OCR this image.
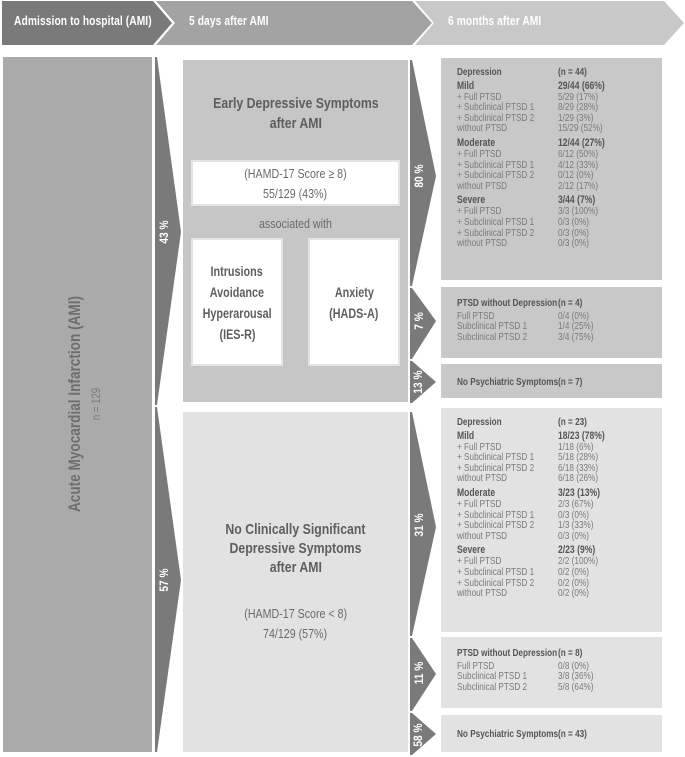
Admission to hospital (AMI)	5 days after AMI	6 months after AMI
Acute Myocardial Infarction (AMI) n = 129
43 %
57 %
Early Depressive Symptoms
after AMI
(HAMD-17 Score ≥ 8)
55/129 (43%)
associated with
Intrusions
Avoidance
Hyperarousal
(IES-R)
Anxiety
(HADS-A)
No Clinically Significant
Depressive Symptoms
after AMI
(HAMD-17 Score < 8)
74/129 (57%)
80 %
7 %
13 %
31 %
11 %
58 %
Depression	(n = 44)
Mild	29/44 (66%)
+ Full PTSD	5/29 (17%)
+ Subclinical PTSD 1	8/29 (28%)
+ Subclinical PTSD 2	1/29 (3%)
without PTSD	15/29 (52%)
Moderate	12/44 (27%)
+ Full PTSD	6/12 (50%)
+ Subclinical PTSD 1	4/12 (33%)
+ Subclinical PTSD 2	0/12 (0%)
without PTSD	2/12 (17%)
Severe	3/44 (7%)
+ Full PTSD	3/3 (100%)
+ Subclinical PTSD 1	0/3 (0%)
+ Subclinical PTSD 2	0/3 (0%)
without PTSD	0/3 (0%)
PTSD without Depression (n = 4)
Full PTSD	0/4 (0%)
Subclinical PTSD 1	1/4 (25%)
Subclinical PTSD 2	3/4 (75%)
No Psychiatric Symptoms (n = 7)
Depression	(n = 23)
Mild	18/23 (78%)
+ Full PTSD	1/18 (6%)
+ Subclinical PTSD 1	5/18 (28%)
+ Subclinical PTSD 2	6/18 (33%)
without PTSD	6/18 (26%)
Moderate	3/23 (13%)
+ Full PTSD	2/3 (67%)
+ Subclinical PTSD 1	0/3 (0%)
+ Subclinical PTSD 2	1/3 (33%)
without PTSD	0/3 (0%)
Severe	2/23 (9%)
+ Full PTSD	2/2 (100%)
+ Subclinical PTSD 1	0/2 (0%)
+ Subclinical PTSD 2	0/2 (0%)
without PTSD	0/2 (0%)
PTSD without Depression (n = 8)
Full PTSD	0/8 (0%)
Subclinical PTSD 1	3/8 (36%)
Subclinical PTSD 2	5/8 (64%)
No Psychiatric Symptoms (n = 43)
